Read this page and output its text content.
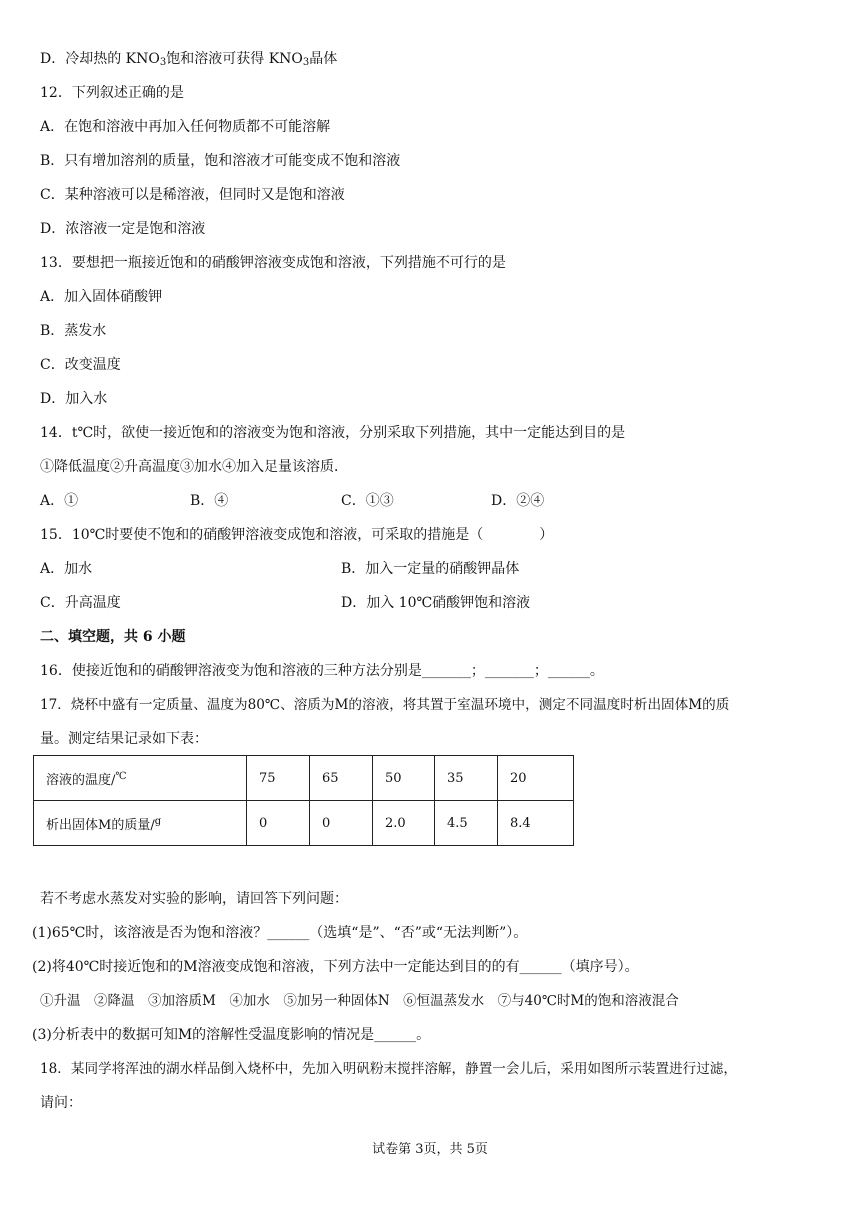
D．冷却热的 $KNO_3$饱和溶液可获得 $KNO_3$晶体
12．下列叙述正确的是
A．在饱和溶液中再加入任何物质都不可能溶解
B．只有增加溶剂的质量，饱和溶液才可能变成不饱和溶液
C．某种溶液可以是稀溶液，但同时又是饱和溶液
D．浓溶液一定是饱和溶液
13．要想把一瓶接近饱和的硝酸钾溶液变成饱和溶液，下列措施不可行的是
A．加入固体硝酸钾
B．蒸发水
C．改变温度
D．加入水
14．t℃时，欲使一接近饱和的溶液变为饱和溶液，分别采取下列措施，其中一定能达到目的是
①降低温度②升高温度③加水④加入足量该溶质．
A．①	B．④	C．①③	D．②④
15．10℃时要使不饱和的硝酸钾溶液变成饱和溶液，可采取的措施是（　　　　）
A．加水	B．加入一定量的硝酸钾晶体
C．升高温度	D．加入 10℃硝酸钾饱和溶液
二、填空题，共 6 小题
16．使接近饱和的硝酸钾溶液变为饱和溶液的三种方法分别是_______；_______；______。
17．烧杯中盛有一定质量、温度为80℃、溶质为M的溶液，将其置于室温环境中，测定不同温度时析出固体M的质
量。测定结果记录如下表：
溶液的温度/℃	75	65	50	35	20
析出固体M的质量/$^g$	0	0	2.0	4.5	8.4
若不考虑水蒸发对实验的影响，请回答下列问题：
(1)65℃时，该溶液是否为饱和溶液？______（选填“是”、“否”或“无法判断”）。
(2)将40℃时接近饱和的M溶液变成饱和溶液，下列方法中一定能达到目的的有______（填序号）。
①升温　②降温　③加溶质M　④加水　⑤加另一种固体N　⑥恒温蒸发水　⑦与40℃时M的饱和溶液混合
(3)分析表中的数据可知M的溶解性受温度影响的情况是______。
18．某同学将浑浊的湖水样品倒入烧杯中，先加入明矾粉末搅拌溶解，静置一会儿后，采用如图所示装置进行过滤，
请问：
试卷第 3页，共 5页
